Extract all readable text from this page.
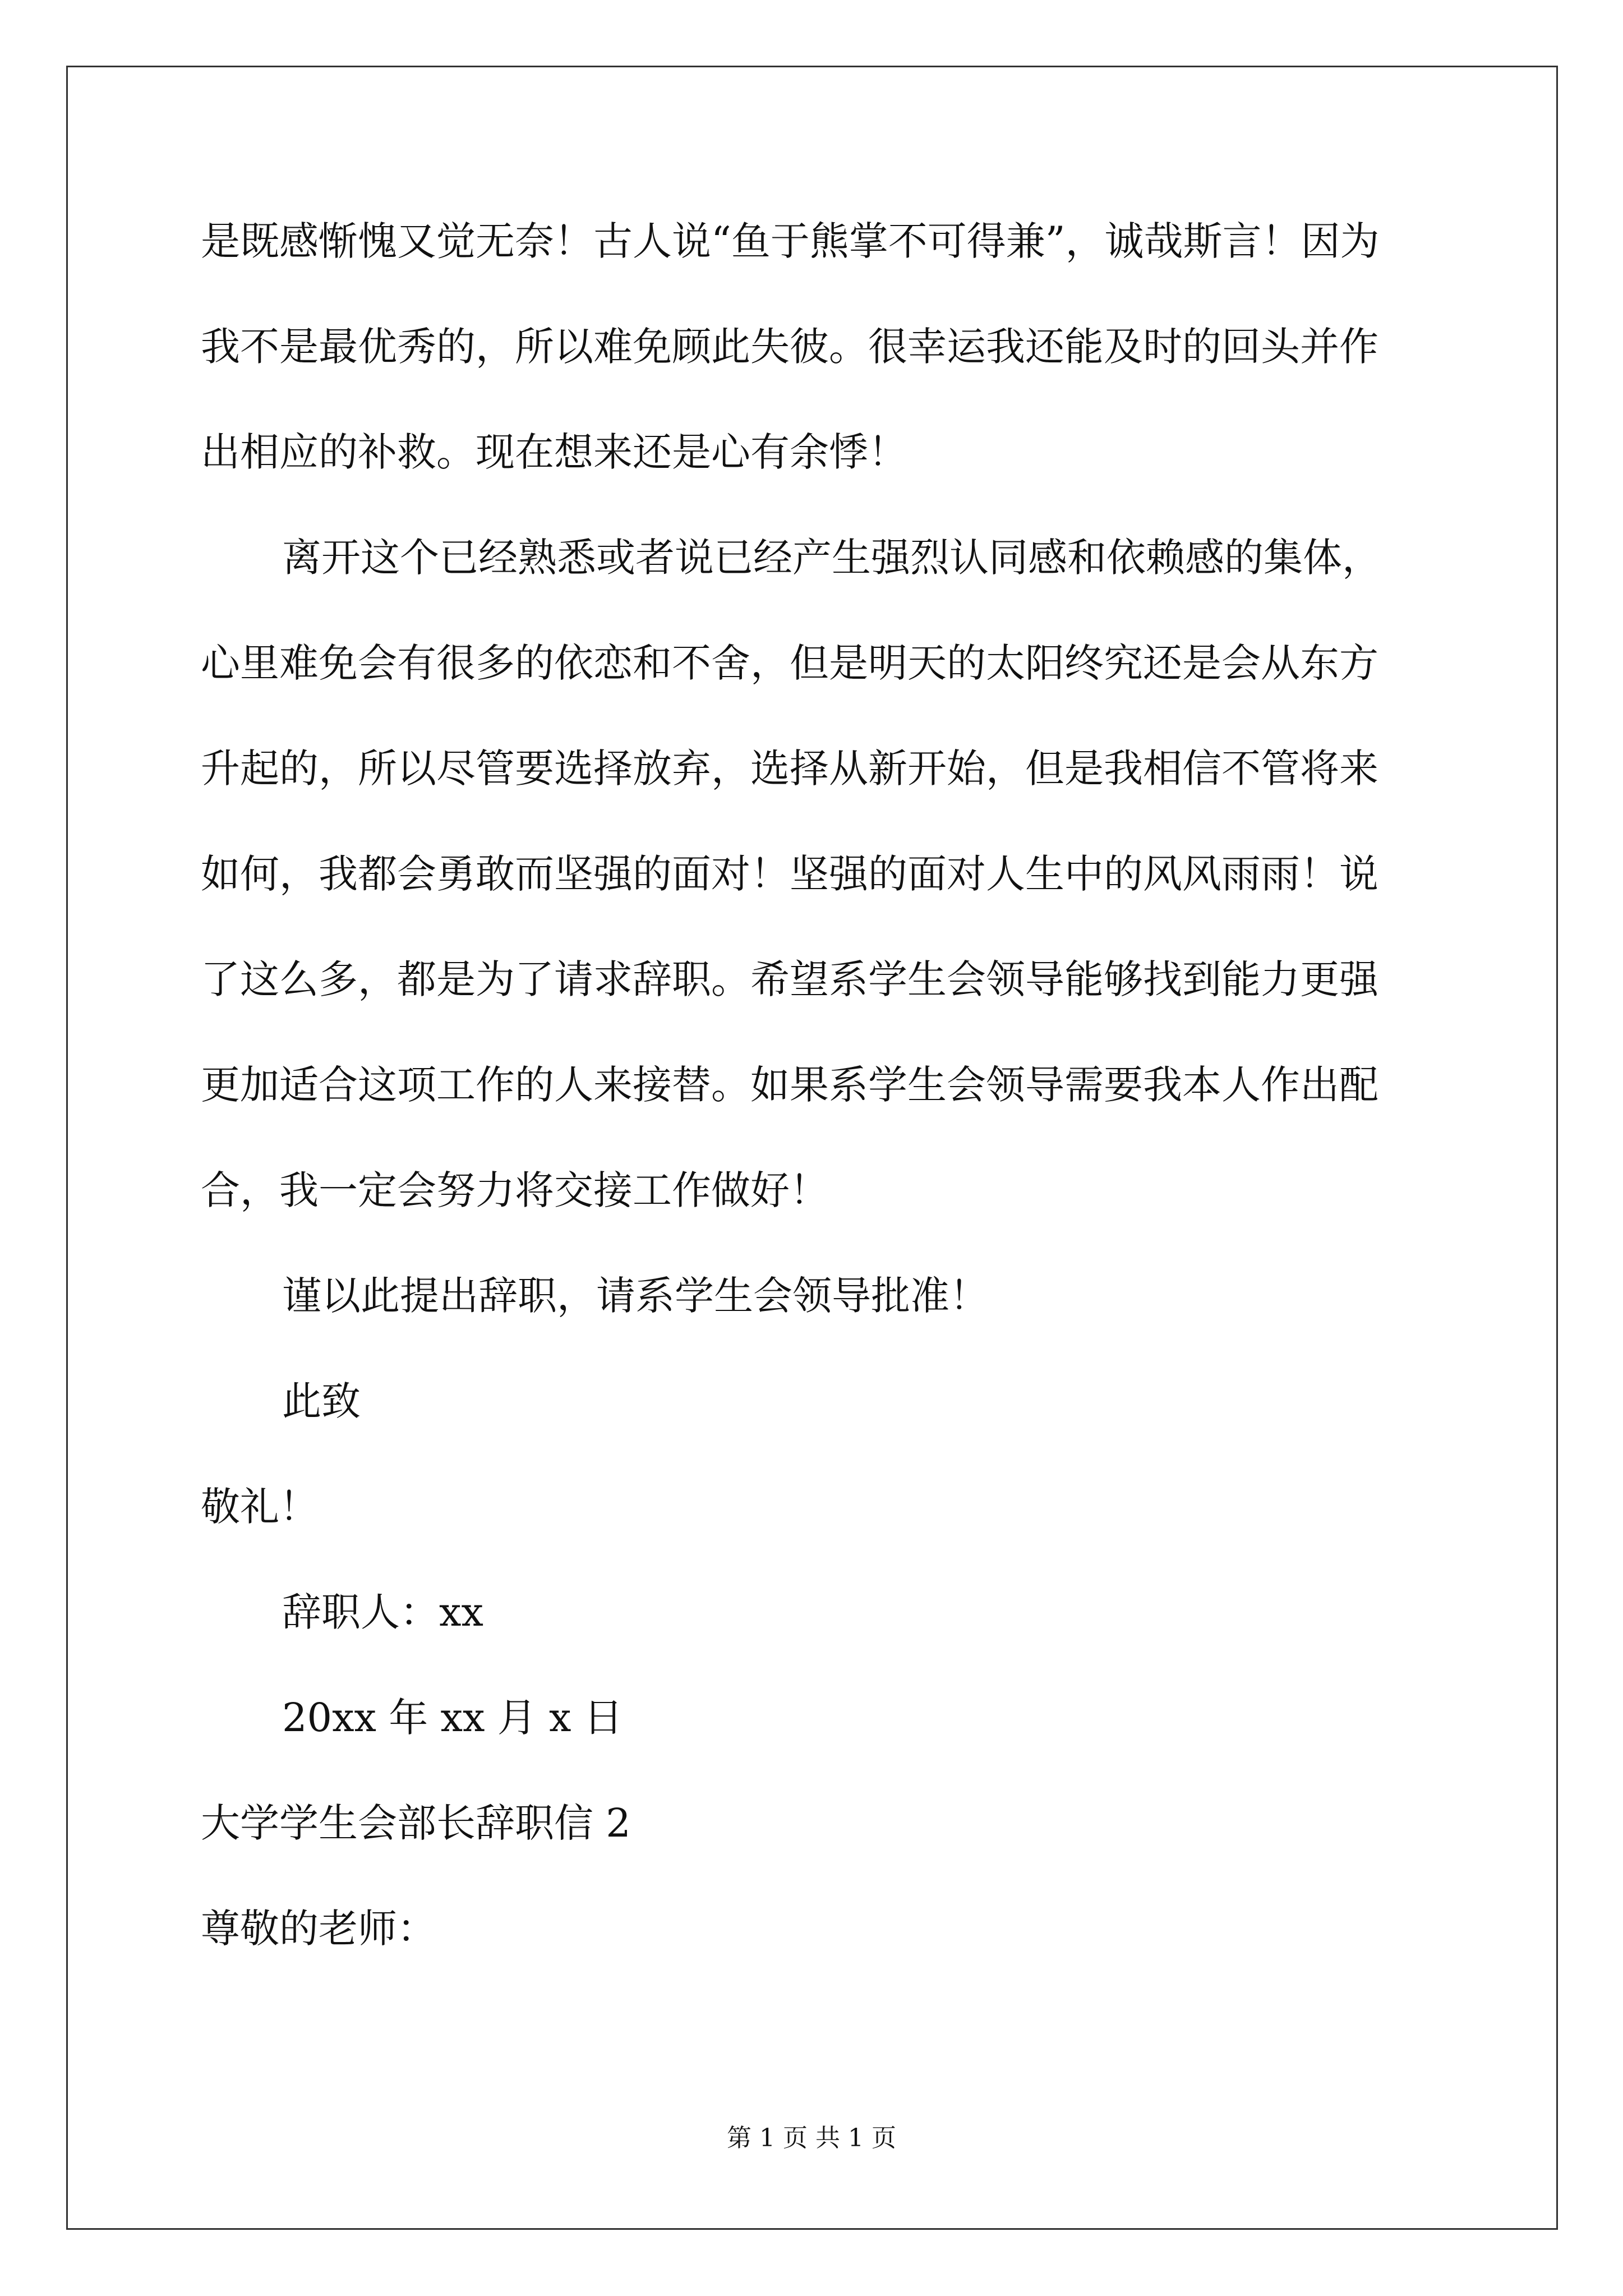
是既感惭愧又觉无奈！古人说“鱼于熊掌不可得兼”，诚哉斯言！因为
我不是最优秀的，所以难免顾此失彼。很幸运我还能及时的回头并作
出相应的补救。现在想来还是心有余悸！
离开这个已经熟悉或者说已经产生强烈认同感和依赖感的集体，
心里难免会有很多的依恋和不舍，但是明天的太阳终究还是会从东方
升起的，所以尽管要选择放弃，选择从新开始，但是我相信不管将来
如何，我都会勇敢而坚强的面对！坚强的面对人生中的风风雨雨！说
了这么多，都是为了请求辞职。希望系学生会领导能够找到能力更强
更加适合这项工作的人来接替。如果系学生会领导需要我本人作出配
合，我一定会努力将交接工作做好！
谨以此提出辞职，请系学生会领导批准！
此致
敬礼！
辞职人：xx
20xx 年 xx 月 x 日
大学学生会部长辞职信 2
尊敬的老师：
第 1 页 共 1 页
